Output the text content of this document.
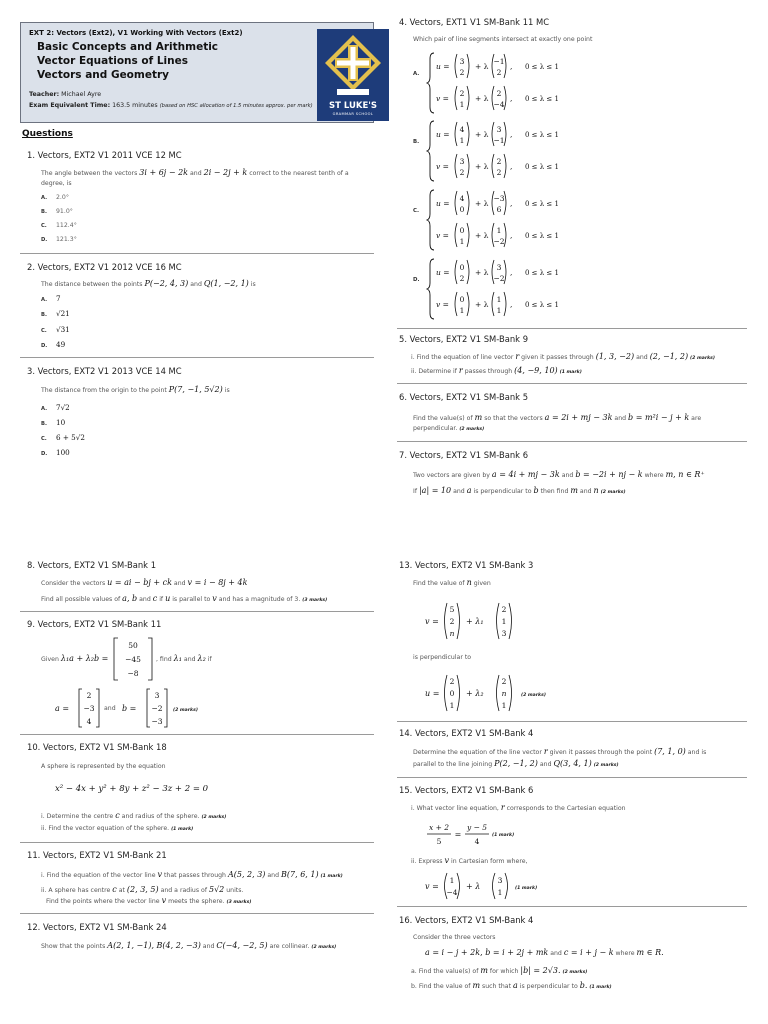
EXT 2: Vectors (Ext2), V1 Working With Vectors (Ext2)
Basic Concepts and Arithmetic
Vector Equations of Lines
Vectors and Geometry
Teacher: Michael Ayre
Exam Equivalent Time: 163.5 minutes (based on HSC allocation of 1.5 minutes approx. per mark)	ST LUKE'S
GRAMMAR SCHOOL
Questions
1. Vectors, EXT2 V1 2011 VCE 12 MC
The angle between the vectors 3i + 6j − 2k and 2i − 2j + k correct to the nearest tenth of a
degree, is
A. 2.0°
B. 91.0°
C. 112.4°
D. 121.3°
2. Vectors, EXT2 V1 2012 VCE 16 MC
The distance between the points P(−2, 4, 3) and Q(1, −2, 1) is
A. 7
B. √21
C. √31
D. 49
3. Vectors, EXT2 V1 2013 VCE 14 MC
The distance from the origin to the point P(7, −1, 5√2) is
A. 7√2
B. 10
C. 6 + 5√2
D. 100
4. Vectors, EXT1 V1 SM-Bank 11 MC
Which pair of line segments intersect at exactly one point
A.
u =
3
2
+ λ
−1
2
, 0 ≤ λ ≤ 1
v =
2
1
+ λ
2
−4
, 0 ≤ λ ≤ 1
B.
u =
4
1
+ λ
3
−1
, 0 ≤ λ ≤ 1
v =
3
2
+ λ
2
2
, 0 ≤ λ ≤ 1
C.
u =
4
0
+ λ
−3
6
, 0 ≤ λ ≤ 1
v =
0
1
+ λ
1
−2
, 0 ≤ λ ≤ 1
D.
u =
0
2
+ λ
3
−2
, 0 ≤ λ ≤ 1
v =
0
1
+ λ
1
1
, 0 ≤ λ ≤ 1
5. Vectors, EXT2 V1 SM-Bank 9
i. Find the equation of line vector r given it passes through (1, 3, −2) and (2, −1, 2) (2 marks)
ii. Determine if r passes through (4, −9, 10) (1 mark)
6. Vectors, EXT2 V1 SM-Bank 5
Find the value(s) of m so that the vectors a = 2i + mj − 3k and b = m²i − j + k are
perpendicular. (2 marks)
7. Vectors, EXT2 V1 SM-Bank 6
Two vectors are given by a = 4i + mj − 3k and b = −2i + nj − k where m, n ∈ R⁺
If |a| = 10 and a is perpendicular to b then find m and n (2 marks)
8. Vectors, EXT2 V1 SM-Bank 1
Consider the vectors u = ai − bj + ck and v = i − 8j + 4k
Find all possible values of a, b and c if u is parallel to v and has a magnitude of 3. (3 marks)
9. Vectors, EXT2 V1 SM-Bank 11
Given λ₁a + λ₂b =
50
−45
−8
, find λ₁ and λ₂ if
a =
2
−3
4
and b =
3
−2
−3
(2 marks)
10. Vectors, EXT2 V1 SM-Bank 18
A sphere is represented by the equation
x² − 4x + y² + 8y + z² − 3z + 2 = 0
i. Determine the centre c and radius of the sphere. (2 marks)
ii. Find the vector equation of the sphere. (1 mark)
11. Vectors, EXT2 V1 SM-Bank 21
i. Find the equation of the vector line v that passes through A(5, 2, 3) and B(7, 6, 1) (1 mark)
ii. A sphere has centre c at (2, 3, 5) and a radius of 5√2 units.
Find the points where the vector line v meets the sphere. (3 marks)
12. Vectors, EXT2 V1 SM-Bank 24
Show that the points A(2, 1, −1), B(4, 2, −3) and C(−4, −2, 5) are collinear. (2 marks)
13. Vectors, EXT2 V1 SM-Bank 3
Find the value of n given
v =
5
2
n
+ λ₁
2
1
3
is perpendicular to
u =
2
0
1
+ λ₂
2
n
1
(2 marks)
14. Vectors, EXT2 V1 SM-Bank 4
Determine the equation of the line vector r given it passes through the point (7, 1, 0) and is
parallel to the line joining P(2, −1, 2) and Q(3, 4, 1) (2 marks)
15. Vectors, EXT2 V1 SM-Bank 6
i. What vector line equation, r corresponds to the Cartesian equation
x + 2
5
=
y − 5
4
(1 mark)
ii. Express v in Cartesian form where,
v =
1
−4
+ λ
3
1	(1 mark)
16. Vectors, EXT2 V1 SM-Bank 4
Consider the three vectors
a = i − j + 2k, b = i + 2j + mk and c = i + j − k where m ∈ R.
a. Find the value(s) of m for which |b| = 2√3. (2 marks)
b. Find the value of m such that a is perpendicular to b. (1 mark)
